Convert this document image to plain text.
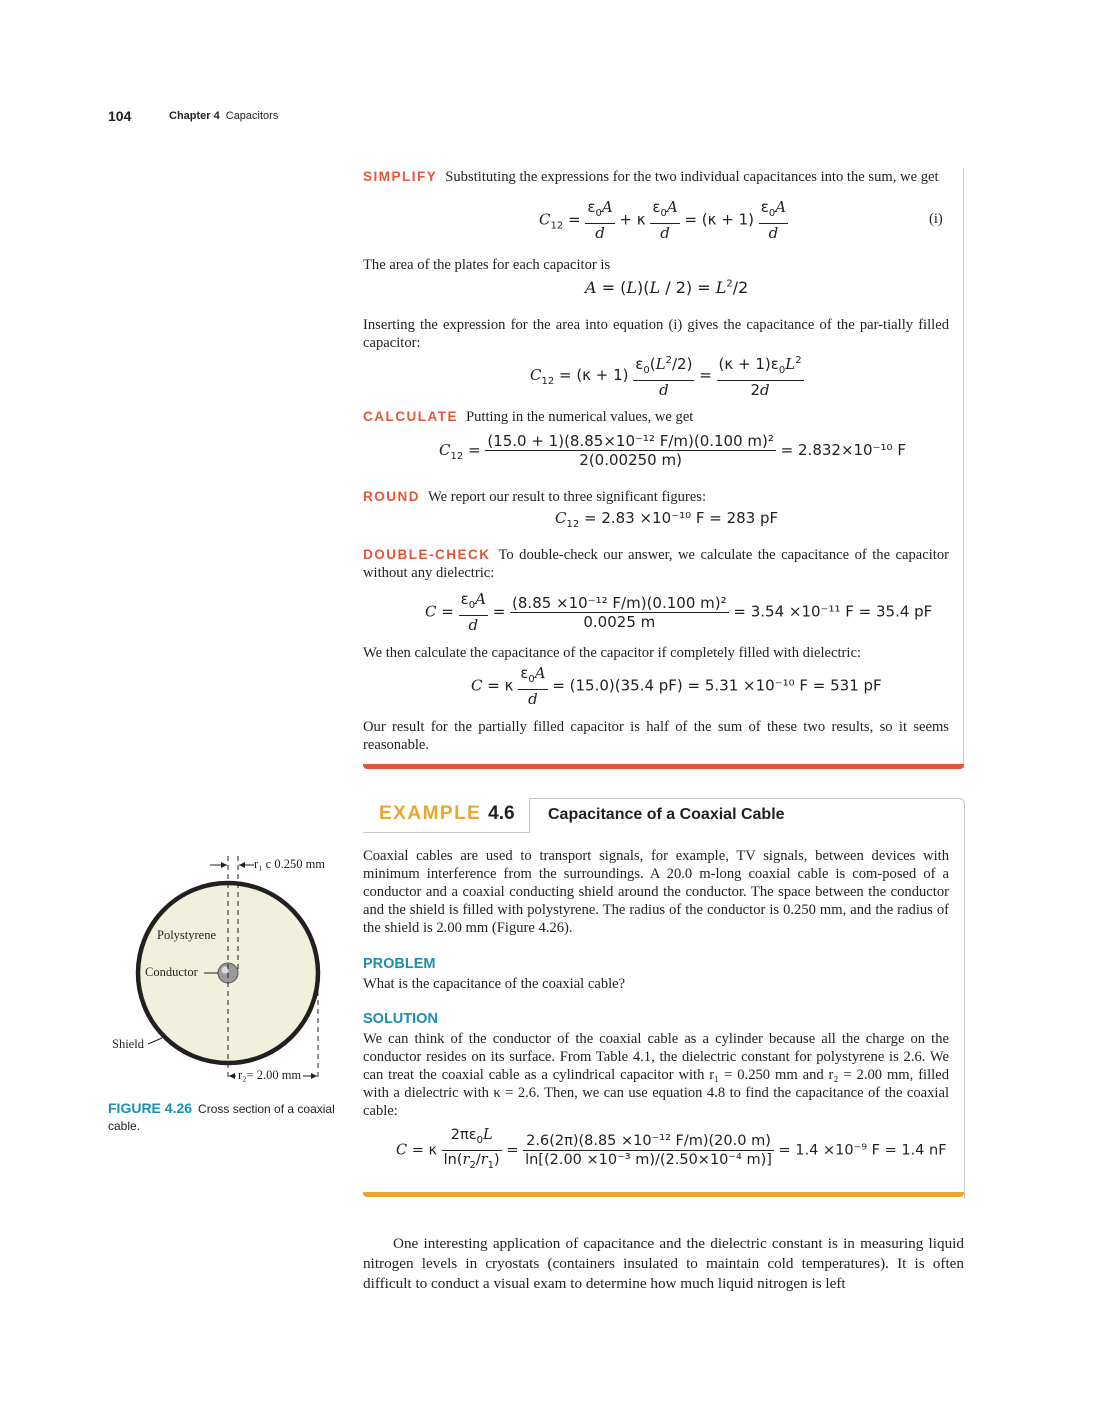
104	Chapter 4 Capacitors

SIMPLIFY Substituting the expressions for the two individual capacitances into the sum, we get

$C_{12} = \frac{\varepsilon_0A}{d} + \kappa \frac{\varepsilon_0A}{d} = (\kappa + 1) \frac{\varepsilon_0A}{d}$	(i)

The area of the plates for each capacitor is

$A = (L)(L / 2) = L^2/2$

Inserting the expression for the area into equation (i) gives the capacitance of the par-tially filled capacitor:

$C_{12} = (\kappa + 1) \frac{\varepsilon_0(L^2/2)}{d} = \frac{(\kappa + 1)\varepsilon_0L^2}{2d}$

CALCULATE Putting in the numerical values, we get

$C_{12} = \frac{\text{(15.0 + 1)(8.85×10⁻¹² F/m)(0.100 m)²}}{2(0.00250 m)} = 2.832\times 10^{-10}$ F

ROUND We report our result to three significant figures:

$C_{12} = 2.83 \times 10^{-10}$ F = 283 pF

DOUBLE-CHECK To double-check our answer, we calculate the capacitance of the capacitor without any dielectric:

$C = \frac{\varepsilon_0A}{d} = \frac{\text{(8.85 ×10⁻¹² F/m)(0.100 m)²}}{0.0025 m} = 3.54 \times 10^{-11}$ F = 35.4 pF

We then calculate the capacitance of the capacitor if completely filled with dielectric:

C = κ $\frac{\varepsilon_0A}{d} = (15.0)(35.4$ pF) = 5.31 ×10⁻¹⁰ F = 531 pF

Our result for the partially filled capacitor is half of the sum of these two results, so it seems reasonable.

EXAMPLE 4.6 Capacitance of a Coaxial Cable

Coaxial cables are used to transport signals, for example, TV signals, between devices with minimum interference from the surroundings. A 20.0 m-long coaxial cable is com-posed of a conductor and a coaxial conducting shield around the conductor. The space between the conductor and the shield is filled with polystyrene. The radius of the conductor is 0.250 mm, and the radius of the shield is 2.00 mm (Figure 4.26).

PROBLEM

What is the capacitance of the coaxial cable?

SOLUTION

We can think of the conductor of the coaxial cable as a cylinder because all the charge on the conductor resides on its surface. From Table 4.1, the dielectric constant for polystyrene is 2.6. We can treat the coaxial cable as a cylindrical capacitor with r₁ = 0.250 mm and r₂ = 2.00 mm, filled with a dielectric with κ = 2.6. Then, we can use equation 4.8 to find the capacitance of the coaxial cable:

C = κ $\frac{2\pi\varepsilon_0L}{\ln(r_2/r_1)} = \frac{\text{2.6(2π)(8.85 ×10⁻¹² F/m)(20.0 m)}}{\text{ln[(2.00 ×10⁻³ m)/(2.50×10⁻⁴ m)]}} = 1.4 \times 10^{-9}$ F = 1.4 nF
r₁ c 0.250 mm
r₂= 2.00 mm
Polystyrene
Conductor
Shield
FIGURE 4.26 Cross section of a coaxial cable.

One interesting application of capacitance and the dielectric constant is in measuring liquid nitrogen levels in cryostats (containers insulated to maintain cold temperatures). It is often difficult to conduct a visual exam to determine how much liquid nitrogen is left
